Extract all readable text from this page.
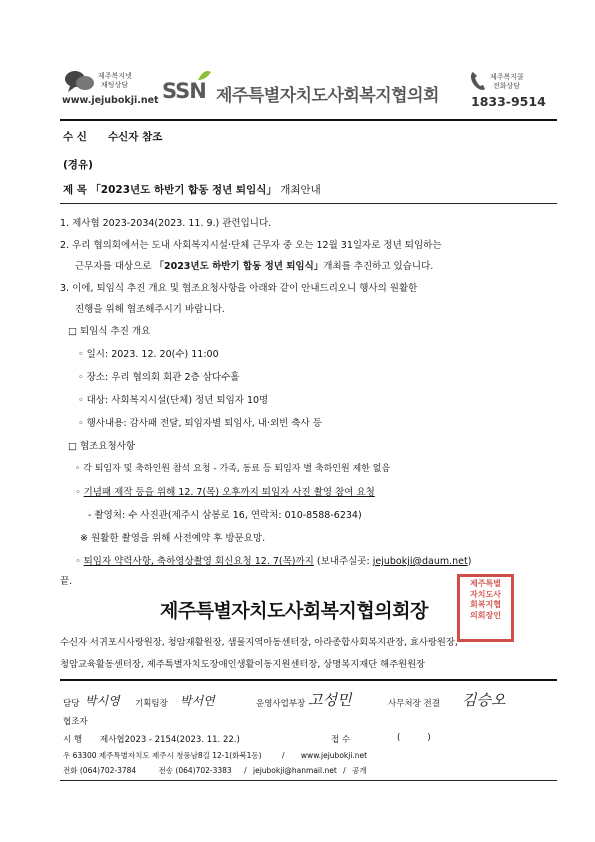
제주복지넷
채팅상담
www.jejubokji.net SSN 제주특별자치도사회복지협의회
제주복지콜
전화상담
1833-9514
수 신 수신자 참조
(경유)
제 목 「2023년도 하반기 합동 정년 퇴임식」 개최안내
1. 제사협 2023-2034(2023. 11. 9.) 관련입니다.
2. 우리 협의회에서는 도내 사회복지시설·단체 근무자 중 오는 12월 31일자로 정년 퇴임하는
근무자를 대상으로 「2023년도 하반기 합동 정년 퇴임식」개최를 추진하고 있습니다.
3. 이에, 퇴임식 추진 개요 및 협조요청사항을 아래와 같이 안내드리오니 행사의 원활한
진행을 위해 협조해주시기 바랍니다.
□ 퇴임식 추진 개요
◦ 일시: 2023. 12. 20(수) 11:00
◦ 장소: 우리 협의회 회관 2층 삼다수홀
◦ 대상: 사회복지시설(단체) 정년 퇴임자 10명
◦ 행사내용: 감사패 전달, 퇴임자별 퇴임사, 내·외빈 축사 등
□ 협조요청사항
◦ 각 퇴임자 및 축하인원 참석 요청 - 가족, 동료 등 퇴임자 별 축하인원 제한 없음
◦ 기념패 제작 등을 위해 12. 7(목) 오후까지 퇴임자 사진 촬영 참여 요청
- 촬영처: 수 사진관(제주시 삼봉로 16, 연락처: 010-8588-6234)
※ 원활한 촬영을 위해 사전예약 후 방문요망.
◦ 퇴임자 약력사항, 축하영상촬영 회신요청 12. 7(목)까지 (보내주실곳: jejubokji@daum.net)
끝.
제주특별자치도사회복지협의회장
제주특별
자치도사
회복지협
의회장인
수신자 서귀포시사랑원장, 청암재활원장, 샘물지역아동센터장, 아라종합사회복지관장, 효사랑원장,
청암교육활동센터장, 제주특별자치도장애인생활이동지원센터장, 상명복지재단 해주원원장
담당 박시영 기획팀장 박서연	운영사업부장 고성민	사무처장 전결 김승오
협조자
시 행 제사협2023 - 2154(2023. 11. 22.)	접 수	(          )
우 63300 제주특별자치도 제주시 청풍남8길 12-1(화북1동)	/ www.jejubokji.net
전화 (064)702-3784	전송 (064)702-3383 / jejubokji@hanmail.net / 공개
